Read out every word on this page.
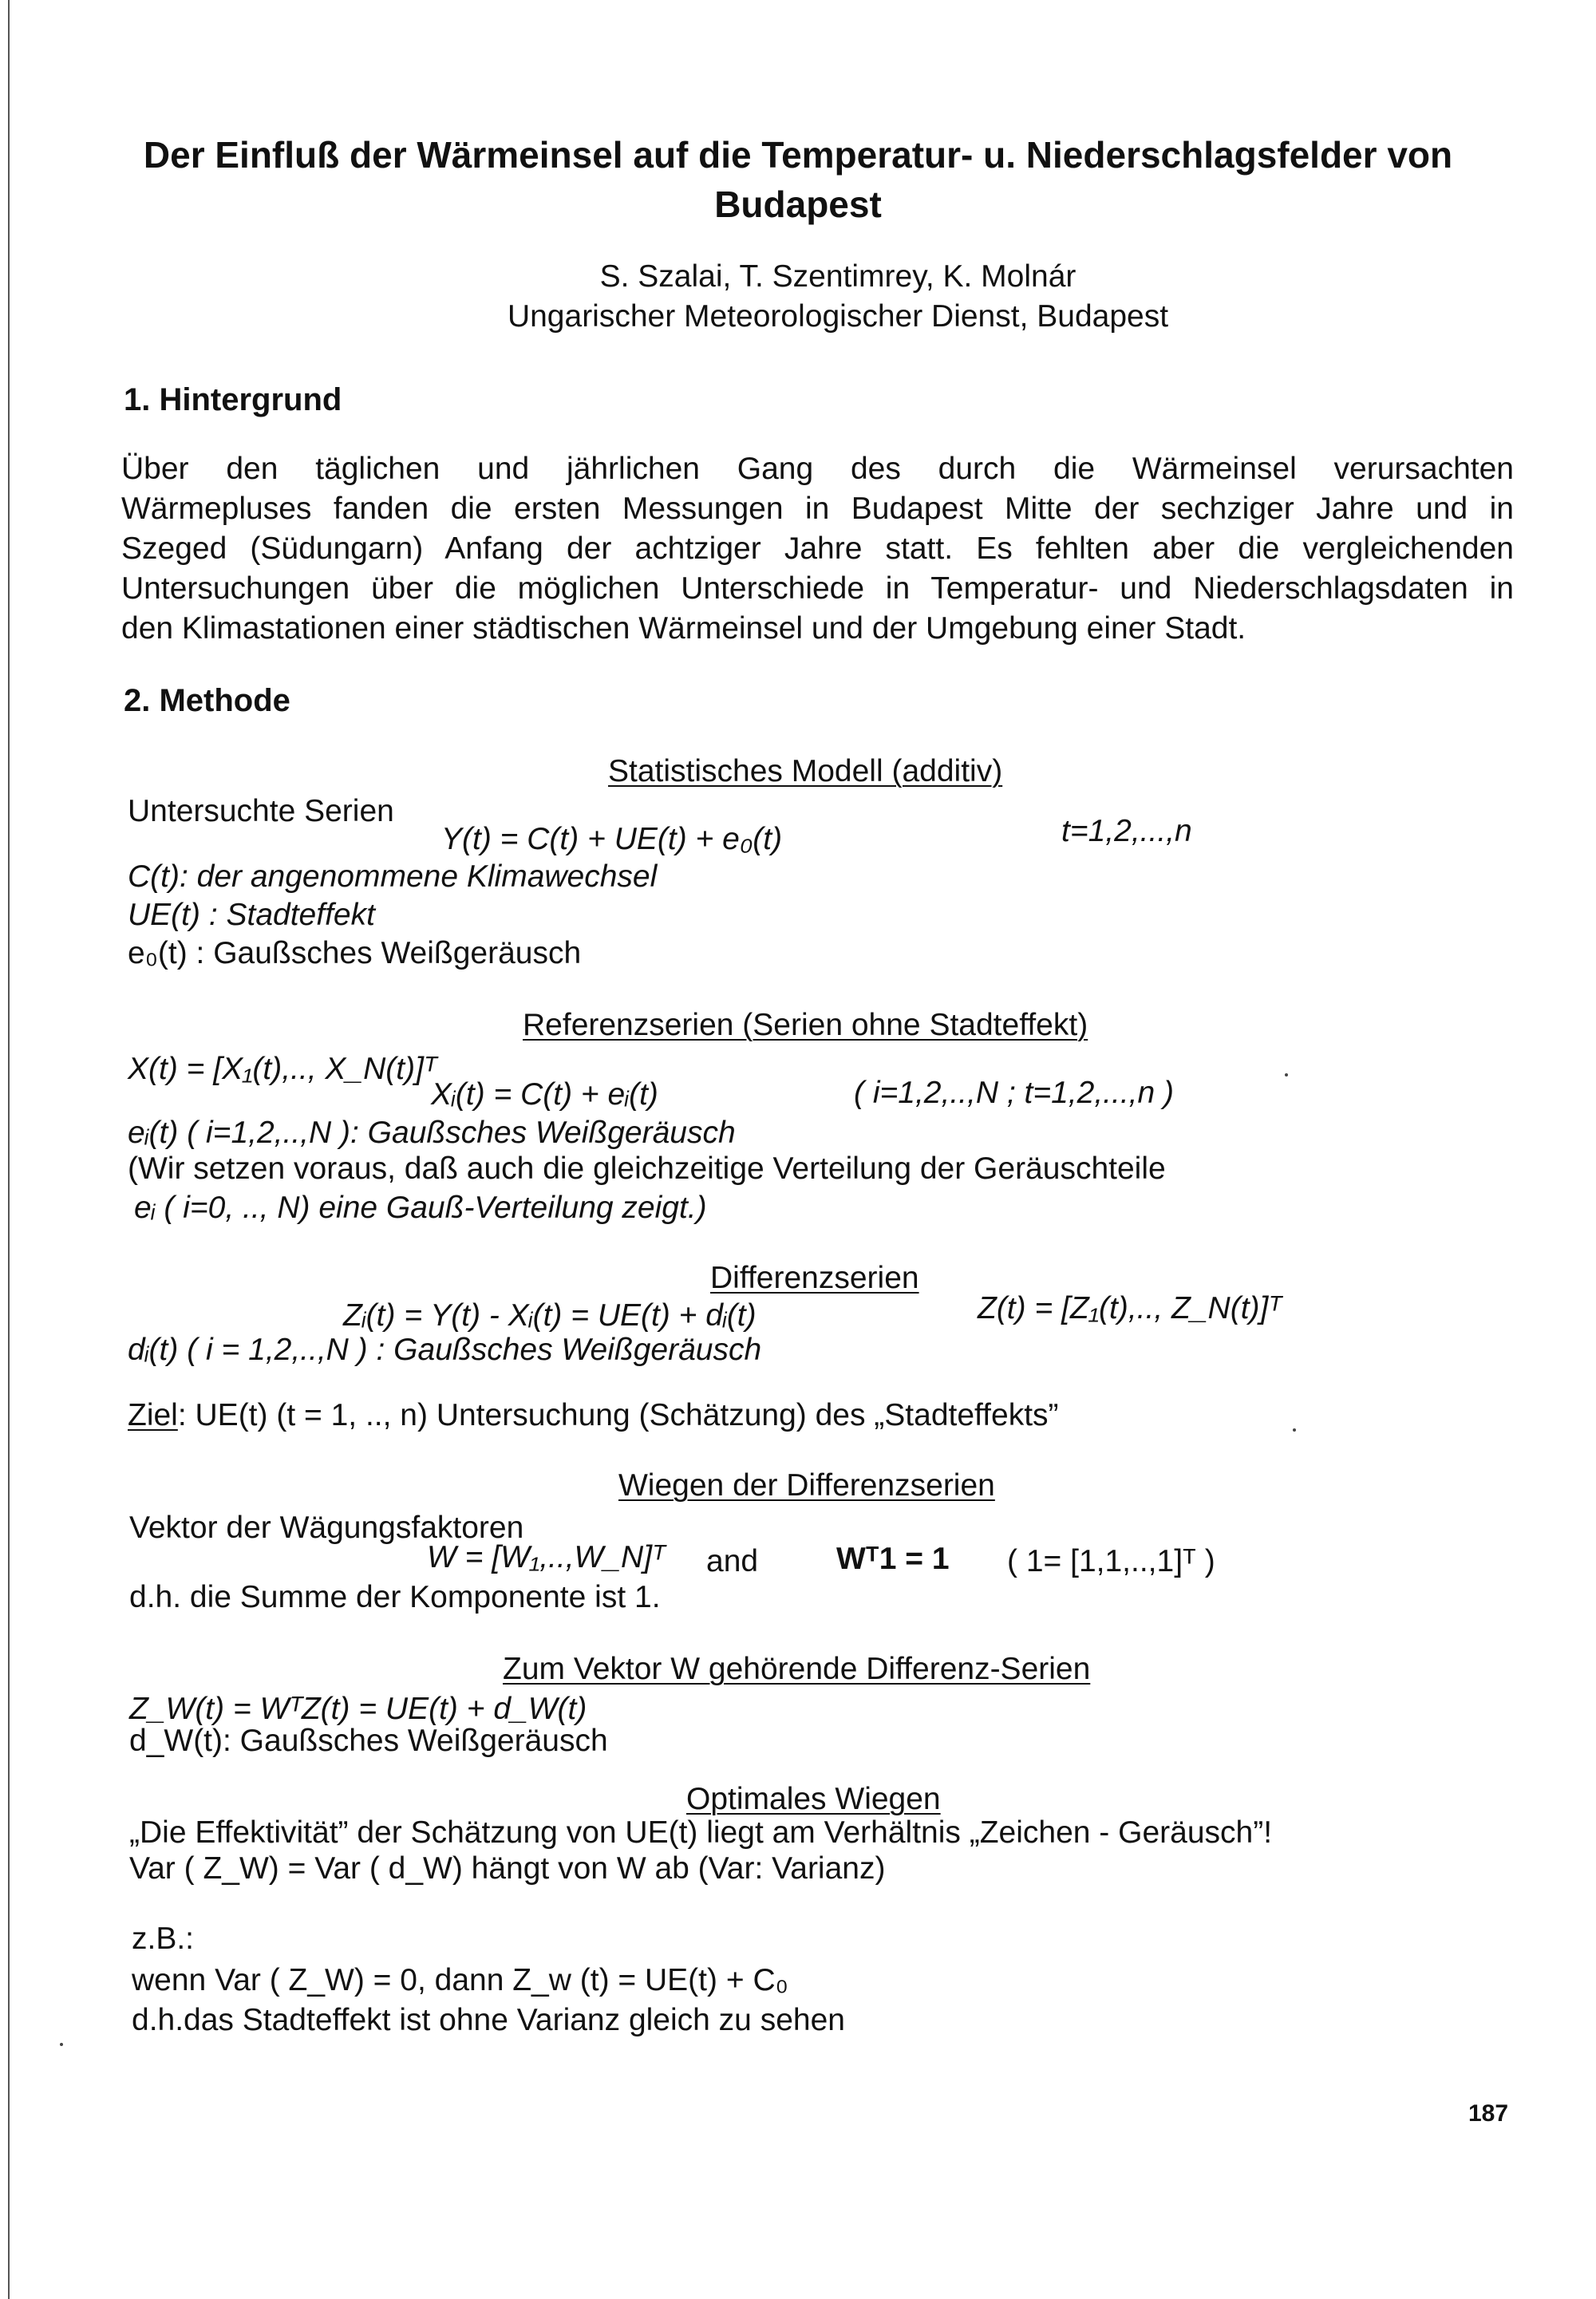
Der Einfluß der Wärmeinsel auf die Temperatur- u. Niederschlagsfelder von
Budapest
S. Szalai, T. Szentimrey, K. Molnár
Ungarischer Meteorologischer Dienst, Budapest
1. Hintergrund
Über den täglichen und jährlichen Gang des durch die Wärmeinsel verursachten
Wärmepluses fanden die ersten Messungen in Budapest Mitte der sechziger Jahre und in
Szeged (Südungarn) Anfang der achtziger Jahre statt. Es fehlten aber die vergleichenden
Untersuchungen über die möglichen Unterschiede in Temperatur- und Niederschlagsdaten in
den Klimastationen einer städtischen Wärmeinsel und der Umgebung einer Stadt.
2. Methode
Statistisches Modell (additiv)
Untersuchte Serien
Y(t) = C(t) + UE(t) + e₀(t)	t=1,2,...,n
C(t): der angenommene Klimawechsel
UE(t) : Stadteffekt
e₀(t) : Gaußsches Weißgeräusch
Referenzserien (Serien ohne Stadteffekt)
X(t) = [X₁(t),.., X_N(t)]ᵀ
Xᵢ(t) = C(t) + eᵢ(t)	( i=1,2,..,N ; t=1,2,...,n )
eᵢ(t) ( i=1,2,..,N ): Gaußsches Weißgeräusch
(Wir setzen voraus, daß auch die gleichzeitige Verteilung der Geräuschteile
eᵢ ( i=0, .., N) eine Gauß-Verteilung zeigt.)
Differenzserien
Zᵢ(t) = Y(t) - Xᵢ(t) = UE(t) + dᵢ(t)	Z(t) = [Z₁(t),.., Z_N(t)]ᵀ
dᵢ(t) ( i = 1,2,..,N ) : Gaußsches Weißgeräusch
Ziel: UE(t) (t = 1, .., n) Untersuchung (Schätzung) des „Stadteffekts”
Wiegen der Differenzserien
Vektor der Wägungsfaktoren
W = [W₁,..,W_N]ᵀ and	Wᵀ1 = 1 ( 1= [1,1,..,1]ᵀ )
d.h. die Summe der Komponente ist 1.
Zum Vektor W gehörende Differenz-Serien
Z_W(t) = WᵀZ(t) = UE(t) + d_W(t)
d_W(t): Gaußsches Weißgeräusch
Optimales Wiegen
„Die Effektivität” der Schätzung von UE(t) liegt am Verhältnis „Zeichen - Geräusch”!
Var ( Z_W) = Var ( d_W) hängt von W ab (Var: Varianz)
z.B.:
wenn Var ( Z_W) = 0, dann Z_w (t) = UE(t) + C₀
d.h.das Stadteffekt ist ohne Varianz gleich zu sehen
187
